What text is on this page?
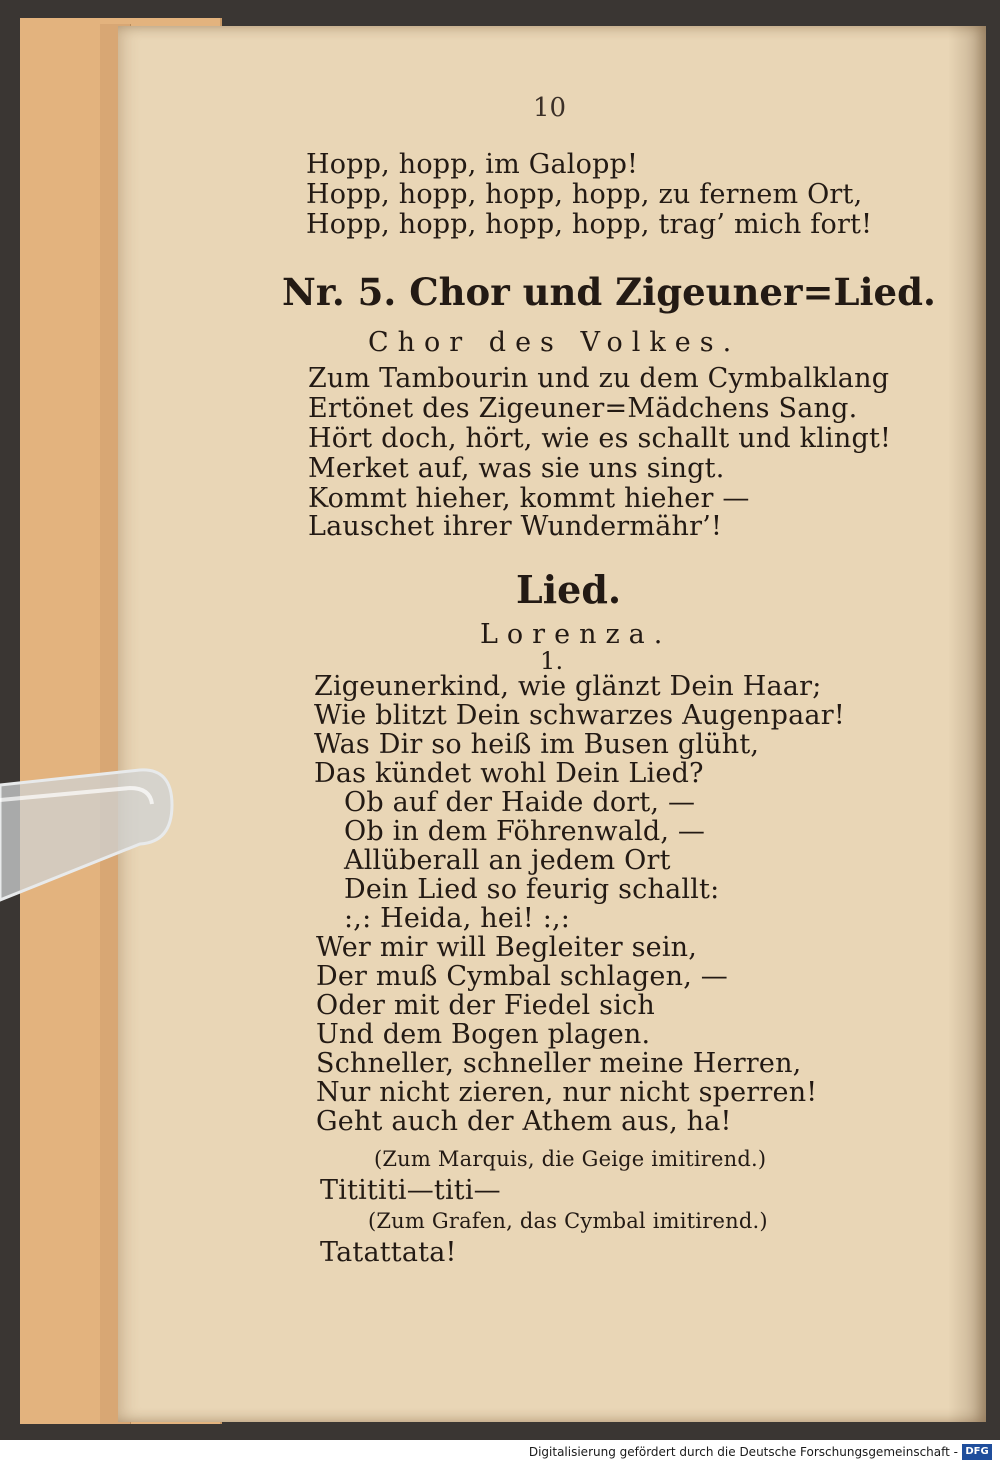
10
Hopp, hopp, im Galopp!
Hopp, hopp, hopp, hopp, zu fernem Ort,
Hopp, hopp, hopp, hopp, trag’ mich fort!
Nr. 5. Chor und Zigeuner=Lied.
Chor des Volkes.
Zum Tambourin und zu dem Cymbalklang
Ertönet des Zigeuner=Mädchens Sang.
Hört doch, hört, wie es schallt und klingt!
Merket auf, was sie uns singt.
Kommt hieher, kommt hieher —
Lauschet ihrer Wundermähr’!
Lied.
Lorenza.
1.
Zigeunerkind, wie glänzt Dein Haar;
Wie blitzt Dein schwarzes Augenpaar!
Was Dir so heiß im Busen glüht,
Das kündet wohl Dein Lied?
Ob auf der Haide dort, —
Ob in dem Föhrenwald, —
Allüberall an jedem Ort
Dein Lied so feurig schallt:
:,: Heida, hei! :,:
Wer mir will Begleiter sein,
Der muß Cymbal schlagen, —
Oder mit der Fiedel sich
Und dem Bogen plagen.
Schneller, schneller meine Herren,
Nur nicht zieren, nur nicht sperren!
Geht auch der Athem aus, ha!
(Zum Marquis, die Geige imitirend.)
Titititi—titi—
(Zum Grafen, das Cymbal imitirend.)
Tatattata!
Digitalisierung gefördert durch die Deutsche Forschungsgemeinschaft - DFG
